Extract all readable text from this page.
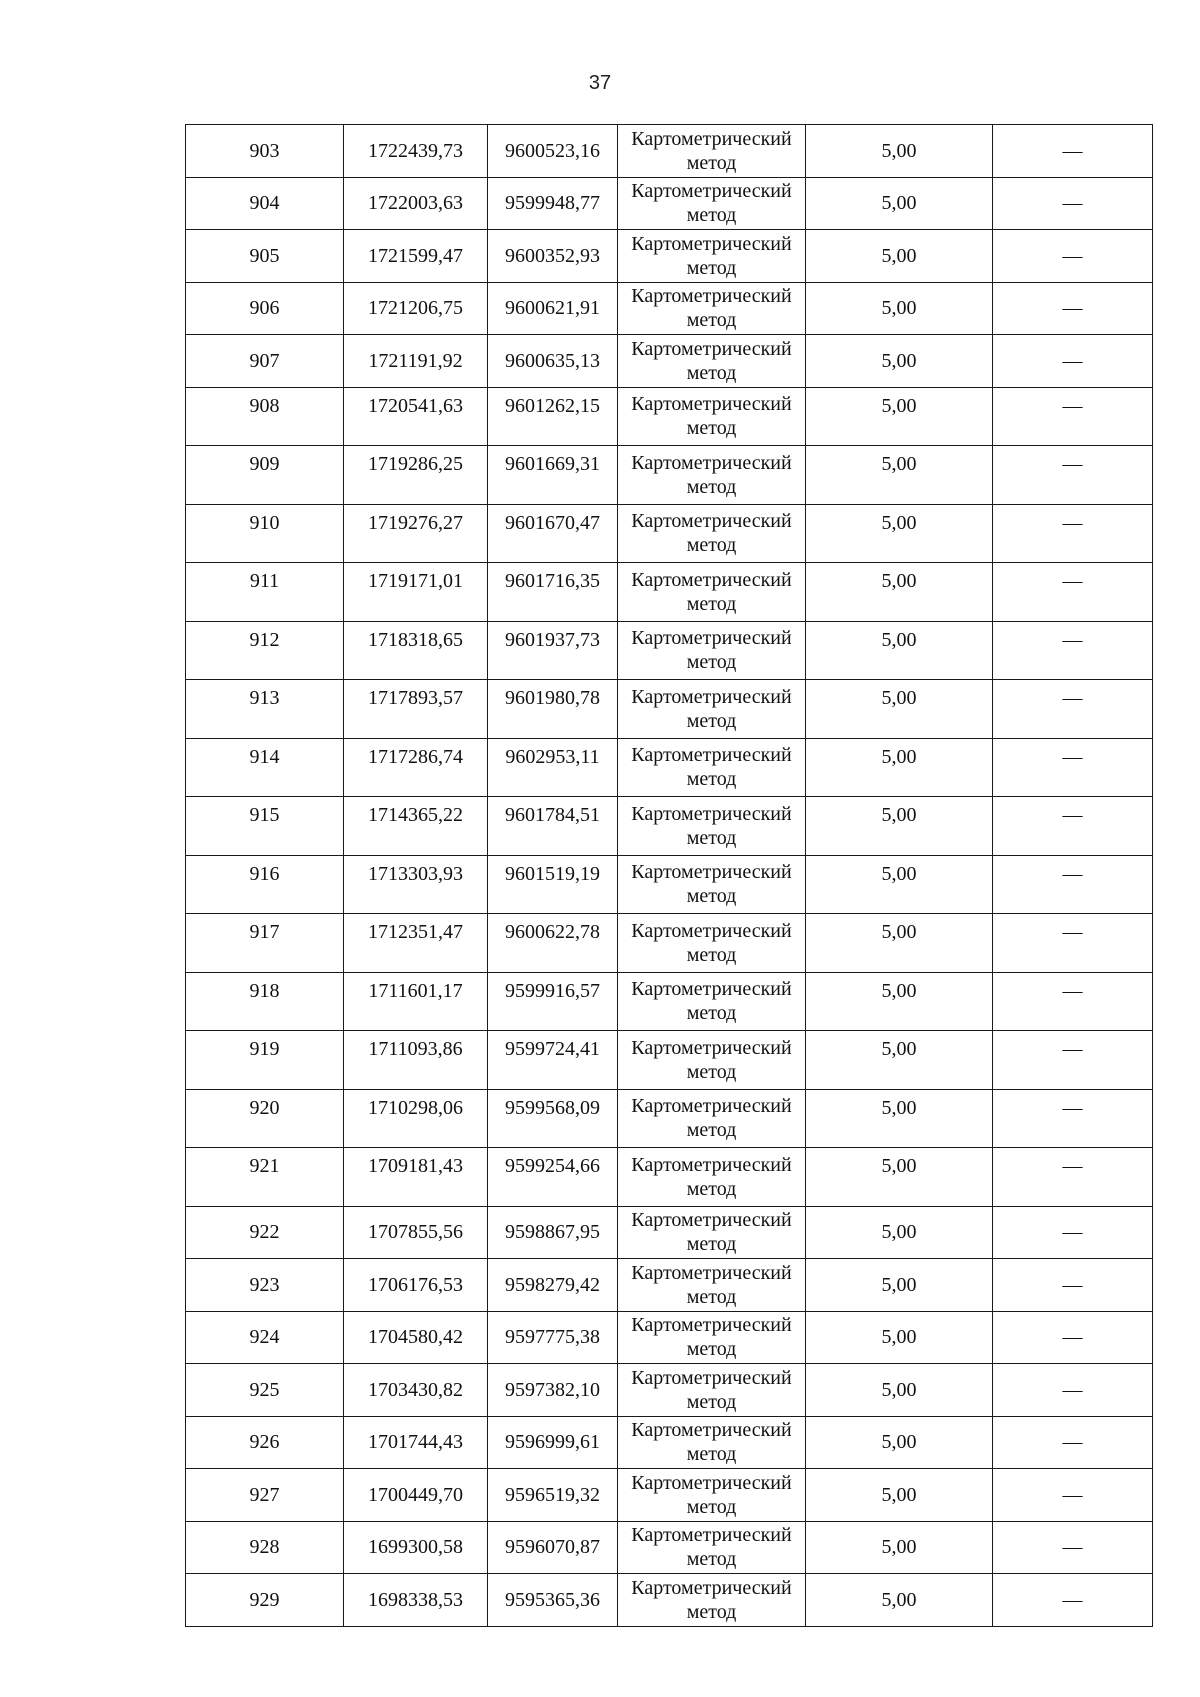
37
903	1722439,73	9600523,16	Картометрический
метод	5,00	—
904	1722003,63	9599948,77	Картометрический
метод	5,00	—
905	1721599,47	9600352,93	Картометрический
метод	5,00	—
906	1721206,75	9600621,91	Картометрический
метод	5,00	—
907	1721191,92	9600635,13	Картометрический
метод	5,00	—
908	1720541,63	9601262,15	Картометрический
метод	5,00	—
909	1719286,25	9601669,31	Картометрический
метод	5,00	—
910	1719276,27	9601670,47	Картометрический
метод	5,00	—
911	1719171,01	9601716,35	Картометрический
метод	5,00	—
912	1718318,65	9601937,73	Картометрический
метод	5,00	—
913	1717893,57	9601980,78	Картометрический
метод	5,00	—
914	1717286,74	9602953,11	Картометрический
метод	5,00	—
915	1714365,22	9601784,51	Картометрический
метод	5,00	—
916	1713303,93	9601519,19	Картометрический
метод	5,00	—
917	1712351,47	9600622,78	Картометрический
метод	5,00	—
918	1711601,17	9599916,57	Картометрический
метод	5,00	—
919	1711093,86	9599724,41	Картометрический
метод	5,00	—
920	1710298,06	9599568,09	Картометрический
метод	5,00	—
921	1709181,43	9599254,66	Картометрический
метод	5,00	—
922	1707855,56	9598867,95	Картометрический
метод	5,00	—
923	1706176,53	9598279,42	Картометрический
метод	5,00	—
924	1704580,42	9597775,38	Картометрический
метод	5,00	—
925	1703430,82	9597382,10	Картометрический
метод	5,00	—
926	1701744,43	9596999,61	Картометрический
метод	5,00	—
927	1700449,70	9596519,32	Картометрический
метод	5,00	—
928	1699300,58	9596070,87	Картометрический
метод	5,00	—
929	1698338,53	9595365,36	Картометрический
метод	5,00	—
